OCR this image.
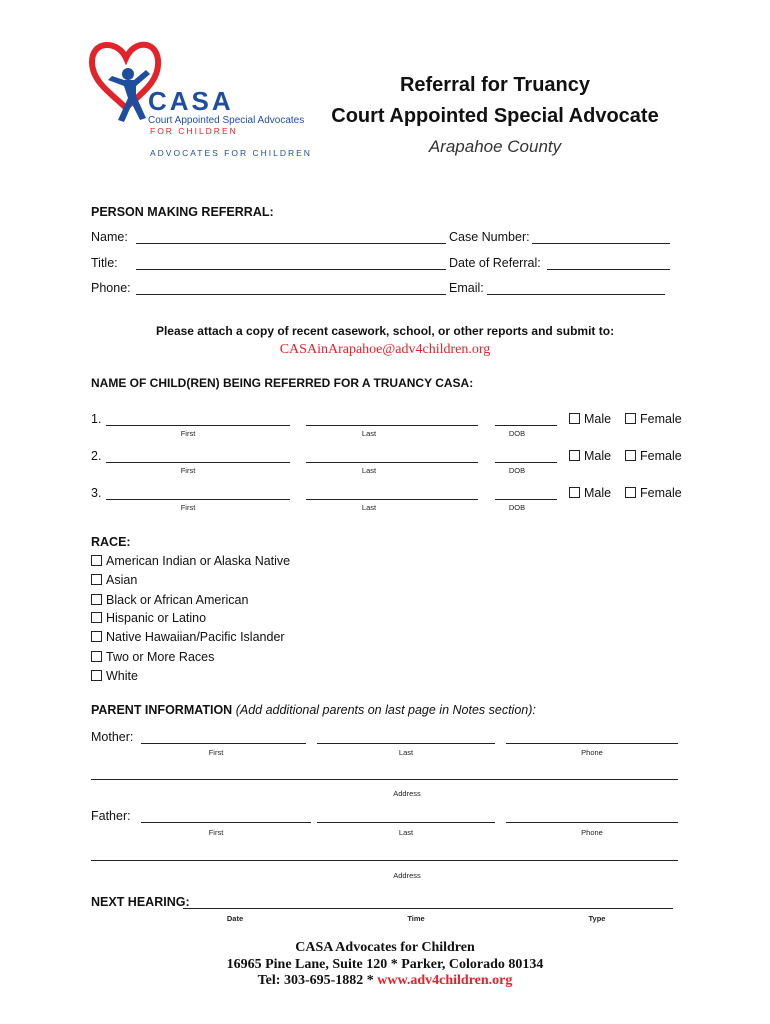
CASA
Court Appointed Special Advocates
FOR CHILDREN
ADVOCATES FOR CHILDREN
Referral for Truancy
Court Appointed Special Advocate
Arapahoe County
PERSON MAKING REFERRAL:
Name:	Case Number:
Title:	Date of Referral:
Phone:	Email:
Please attach a copy of recent casework, school, or other reports and submit to:
CASAinArapahoe@adv4children.org
NAME OF CHILD(REN) BEING REFERRED FOR A TRUANCY CASA:
1.
First	Last	DOB
Male	Female
2.
First	Last	DOB
Male	Female
3.
First	Last	DOB
Male	Female
RACE:
American Indian or Alaska Native
Asian
Black or African American
Hispanic or Latino
Native Hawaiian/Pacific Islander
Two or More Races
White
PARENT INFORMATION (Add additional parents on last page in Notes section):
Mother:
First	Last	Phone
Address
Father:
First	Last	Phone
Address
NEXT HEARING:
Date	Time	Type
CASA Advocates for Children
16965 Pine Lane, Suite 120 * Parker, Colorado 80134
Tel: 303-695-1882 * www.adv4children.org
